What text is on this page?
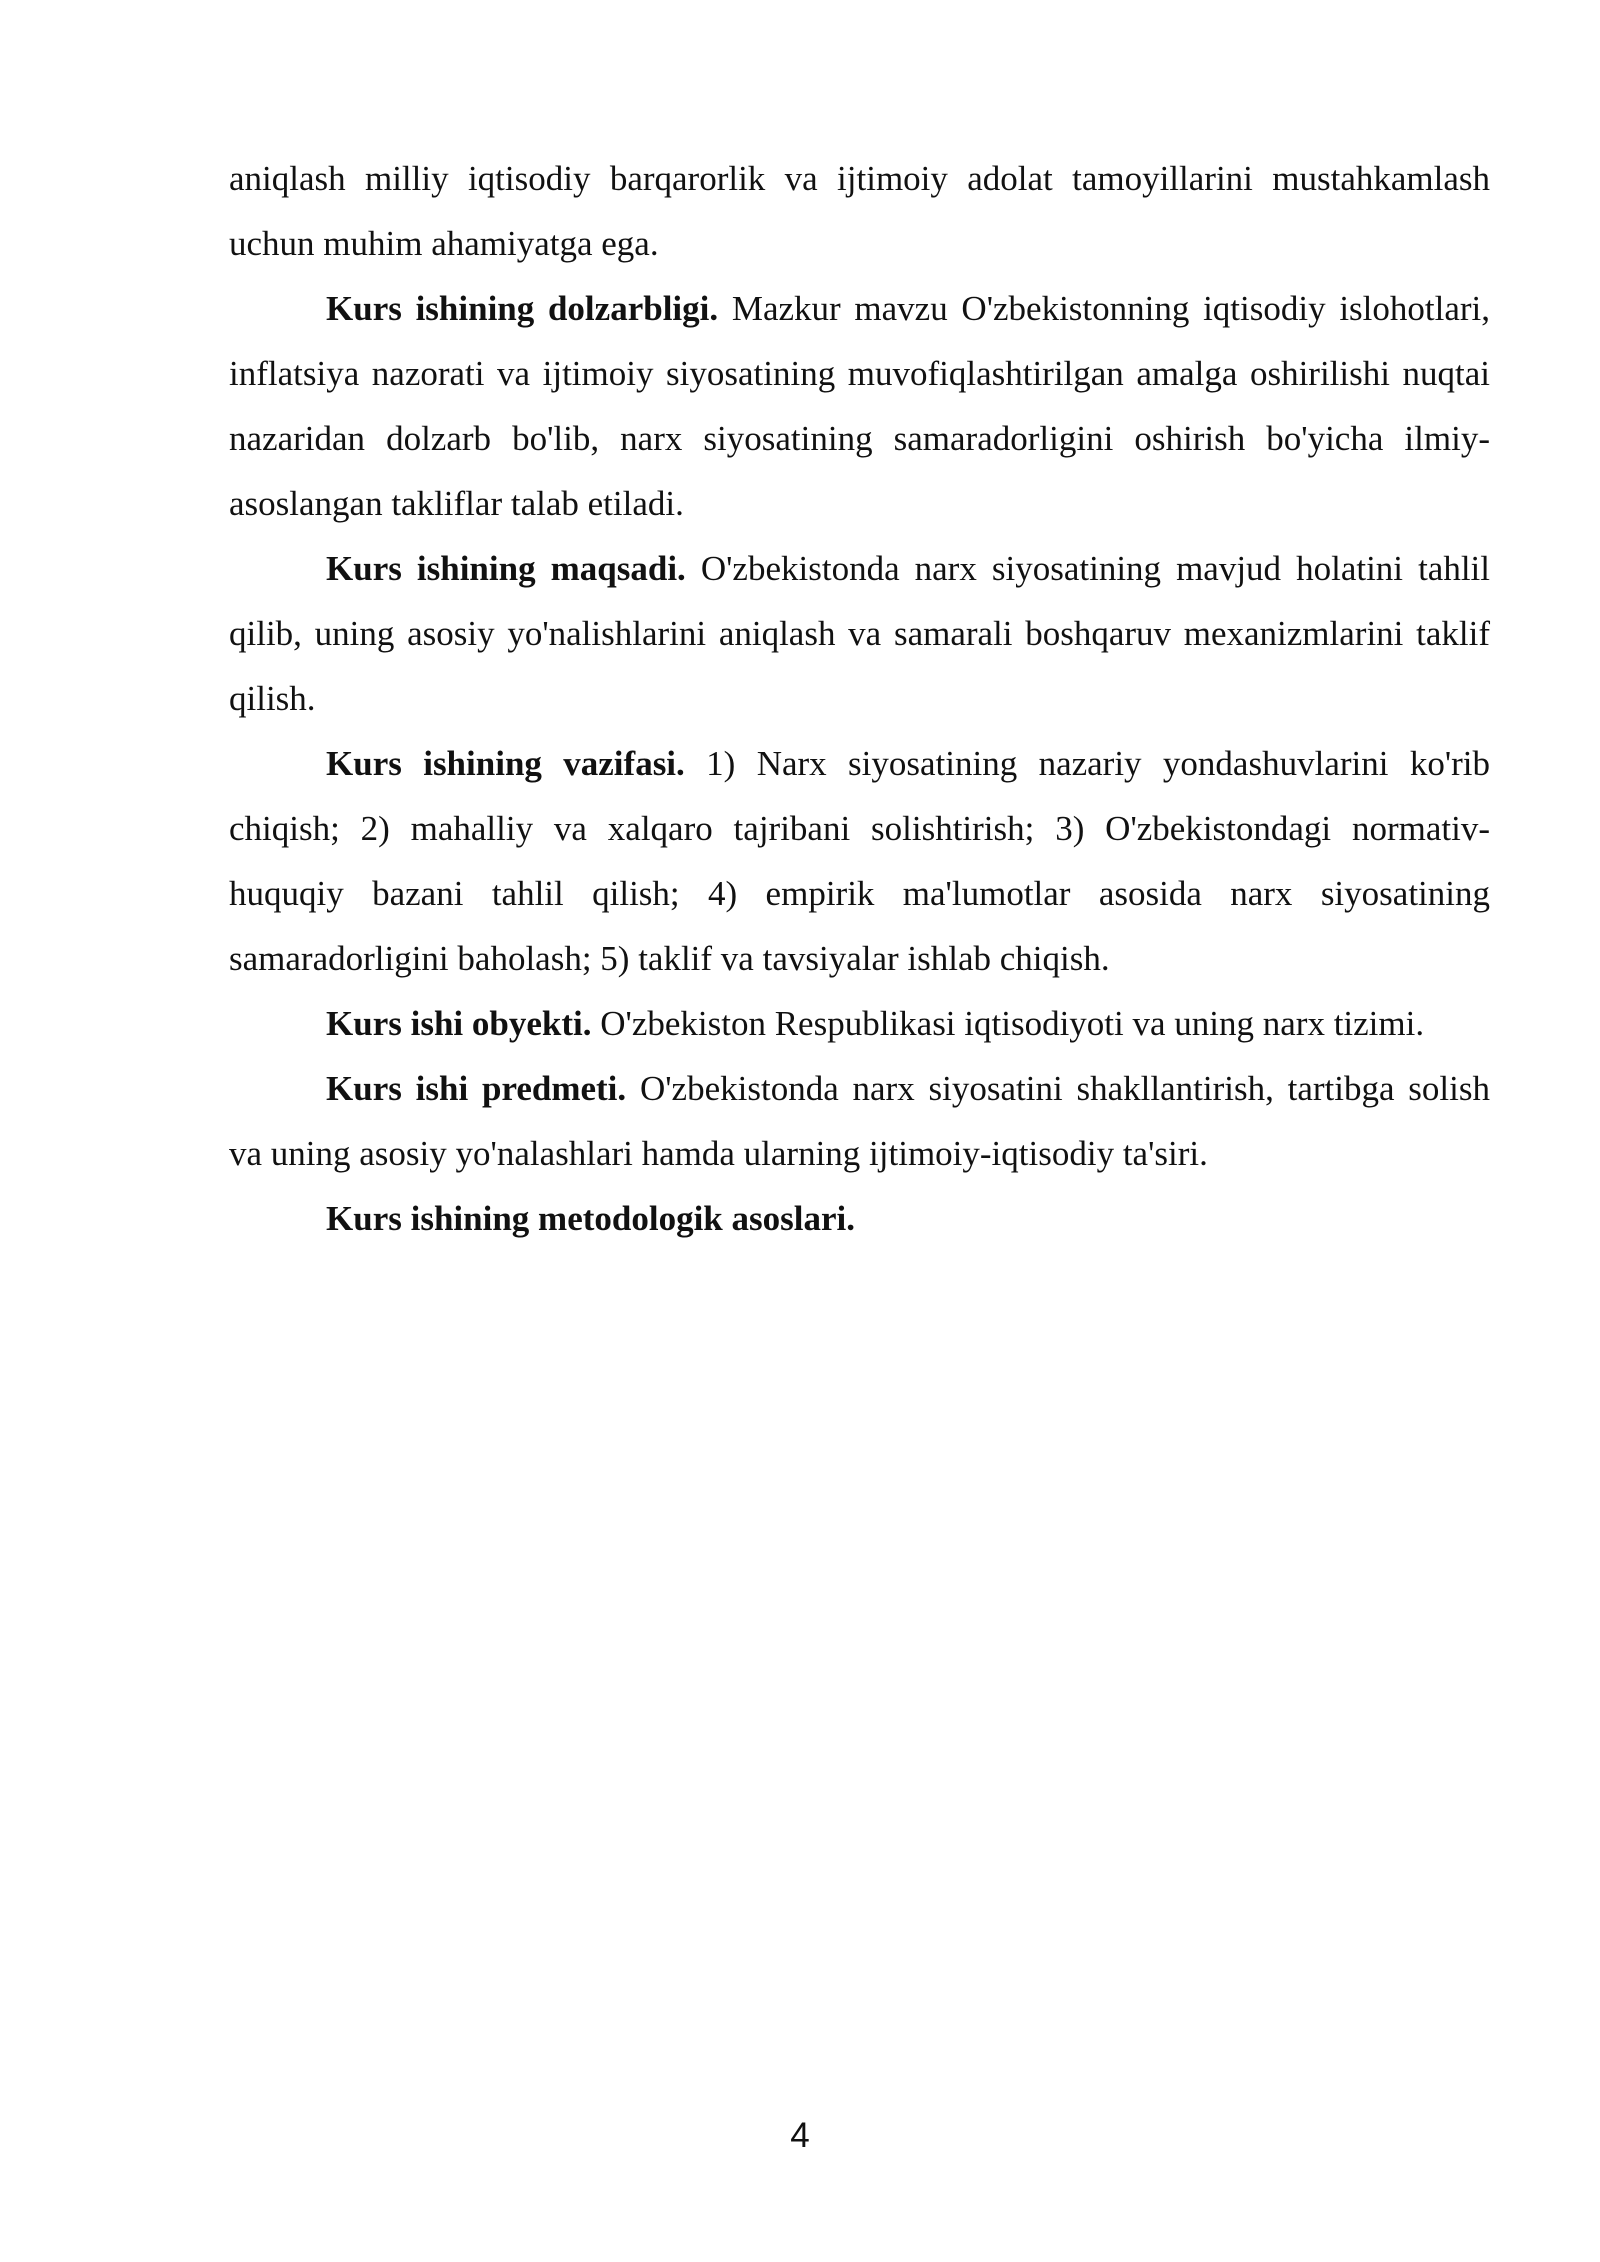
aniqlash milliy iqtisodiy barqarorlik va ijtimoiy adolat tamoyillarini mustahkamlash uchun muhim ahamiyatga ega.

Kurs ishining dolzarbligi. Mazkur mavzu O'zbekistonning iqtisodiy islohotlari, inflatsiya nazorati va ijtimoiy siyosatining muvofiqlashtirilgan amalga oshirilishi nuqtai nazaridan dolzarb bo'lib, narx siyosatining samaradorligini oshirish bo'yicha ilmiy-asoslangan takliflar talab etiladi.

Kurs ishining maqsadi. O'zbekistonda narx siyosatining mavjud holatini tahlil qilib, uning asosiy yo'nalishlarini aniqlash va samarali boshqaruv mexanizmlarini taklif qilish.

Kurs ishining vazifasi. 1) Narx siyosatining nazariy yondashuvlarini ko'rib chiqish; 2) mahalliy va xalqaro tajribani solishtirish; 3) O'zbekistondagi normativ-huquqiy bazani tahlil qilish; 4) empirik ma'lumotlar asosida narx siyosatining samaradorligini baholash; 5) taklif va tavsiyalar ishlab chiqish.

Kurs ishi obyekti. O'zbekiston Respublikasi iqtisodiyoti va uning narx tizimi.

Kurs ishi predmeti. O'zbekistonda narx siyosatini shakllantirish, tartibga solish va uning asosiy yo'nalashlari hamda ularning ijtimoiy-iqtisodiy ta'siri.

Kurs ishining metodologik asoslari.

4
